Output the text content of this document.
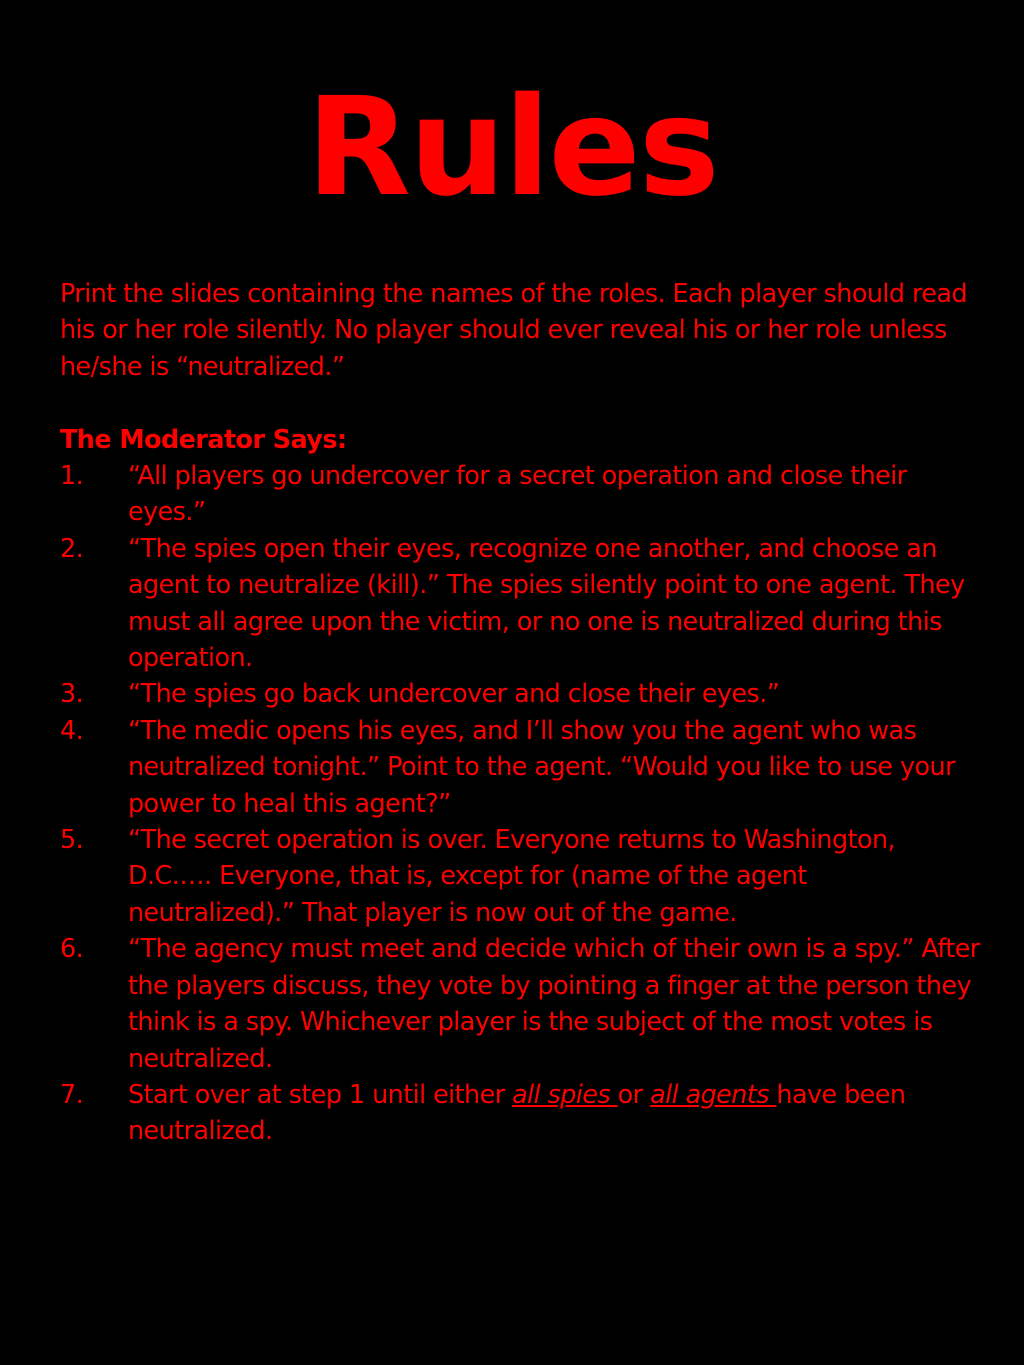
Rules

Print the slides containing the names of the roles. Each player should read his or her role silently. No player should ever reveal his or her role unless he/she is “neutralized.”

The Moderator Says:

1. “All players go undercover for a secret operation and close their eyes.”
2. “The spies open their eyes, recognize one another, and choose an agent to neutralize (kill).” The spies silently point to one agent. They must all agree upon the victim, or no one is neutralized during this operation.
3. “The spies go back undercover and close their eyes.”
4. “The medic opens his eyes, and I’ll show you the agent who was neutralized tonight.” Point to the agent. “Would you like to use your power to heal this agent?”
5. “The secret operation is over. Everyone returns to Washington, D.C.…. Everyone, that is, except for (name of the agent neutralized).” That player is now out of the game.
6. “The agency must meet and decide which of their own is a spy.” After the players discuss, they vote by pointing a finger at the person they think is a spy. Whichever player is the subject of the most votes is neutralized.
7. Start over at step 1 until either all spies or all agents have been neutralized.
